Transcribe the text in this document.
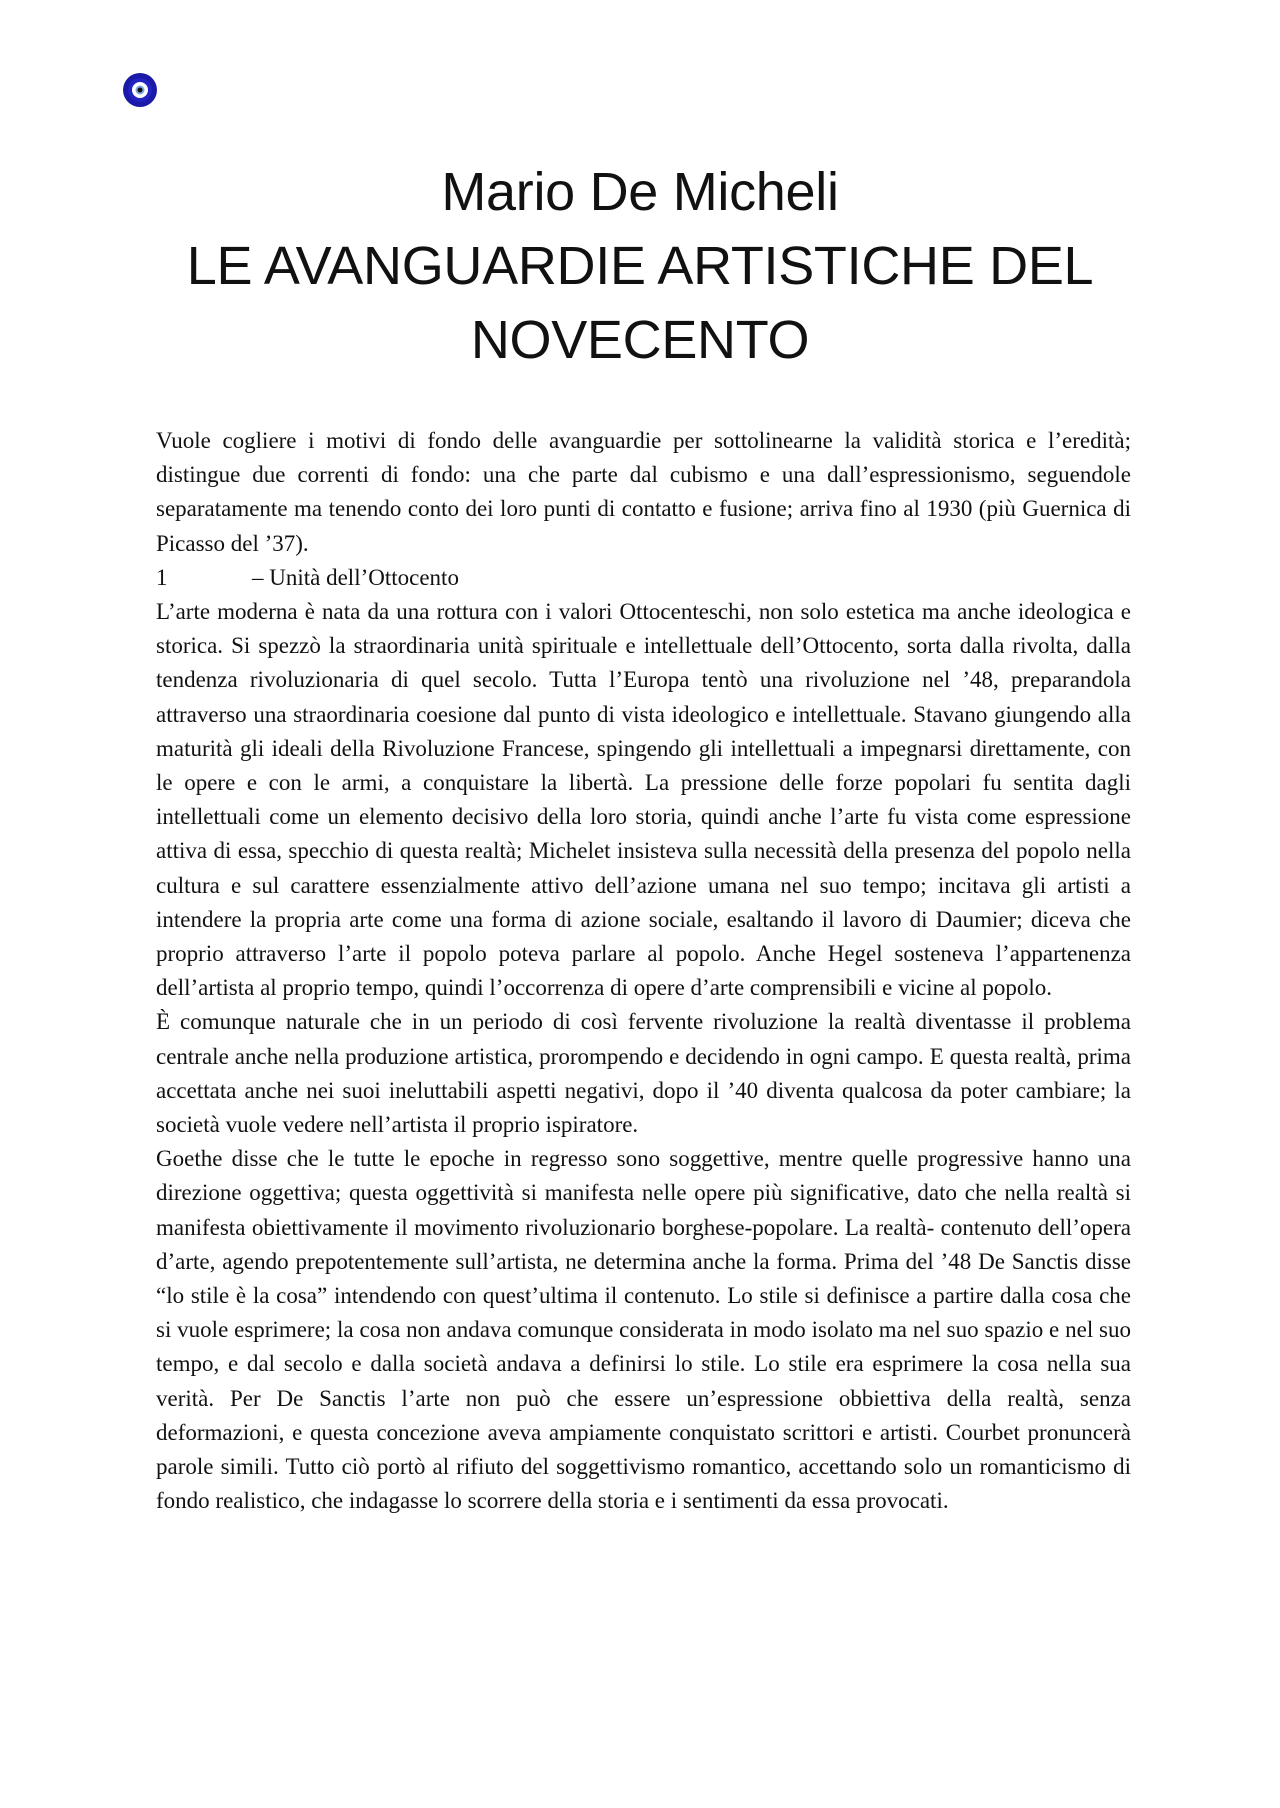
Mario De Micheli
LE AVANGUARDIE ARTISTICHE DEL
NOVECENTO

Vuole cogliere i motivi di fondo delle avanguardie per sottolinearne la validità storica e l’eredità; distingue due correnti di fondo: una che parte dal cubismo e una dall’espressionismo, seguendole separatamente ma tenendo conto dei loro punti di contatto e fusione; arriva fino al 1930 (più Guernica di Picasso del ’37).

1	– Unità dell’Ottocento

L’arte moderna è nata da una rottura con i valori Ottocenteschi, non solo estetica ma anche ideologica e storica. Si spezzò la straordinaria unità spirituale e intellettuale dell’Ottocento, sorta dalla rivolta, dalla tendenza rivoluzionaria di quel secolo. Tutta l’Europa tentò una rivoluzione nel ’48, preparandola attraverso una straordinaria coesione dal punto di vista ideologico e intellettuale. Stavano giungendo alla maturità gli ideali della Rivoluzione Francese, spingendo gli intellettuali a impegnarsi direttamente, con le opere e con le armi, a conquistare la libertà. La pressione delle forze popolari fu sentita dagli intellettuali come un elemento decisivo della loro storia, quindi anche l’arte fu vista come espressione attiva di essa, specchio di questa realtà; Michelet insisteva sulla necessità della presenza del popolo nella cultura e sul carattere essenzialmente attivo dell’azione umana nel suo tempo; incitava gli artisti a intendere la propria arte come una forma di azione sociale, esaltando il lavoro di Daumier; diceva che proprio attraverso l’arte il popolo poteva parlare al popolo. Anche Hegel sosteneva l’appartenenza dell’artista al proprio tempo, quindi l’occorrenza di opere d’arte comprensibili e vicine al popolo.

È comunque naturale che in un periodo di così fervente rivoluzione la realtà diventasse il problema centrale anche nella produzione artistica, prorompendo e decidendo in ogni campo. E questa realtà, prima accettata anche nei suoi ineluttabili aspetti negativi, dopo il ’40 diventa qualcosa da poter cambiare; la società vuole vedere nell’artista il proprio ispiratore.

Goethe disse che le tutte le epoche in regresso sono soggettive, mentre quelle progressive hanno una direzione oggettiva; questa oggettività si manifesta nelle opere più significative, dato che nella realtà si manifesta obiettivamente il movimento rivoluzionario borghese-popolare. La realtà- contenuto dell’opera d’arte, agendo prepotentemente sull’artista, ne determina anche la forma. Prima del ’48 De Sanctis disse “lo stile è la cosa” intendendo con quest’ultima il contenuto. Lo stile si definisce a partire dalla cosa che si vuole esprimere; la cosa non andava comunque considerata in modo isolato ma nel suo spazio e nel suo tempo, e dal secolo e dalla società andava a definirsi lo stile. Lo stile era esprimere la cosa nella sua verità. Per De Sanctis l’arte non può che essere un’espressione obbiettiva della realtà, senza deformazioni, e questa concezione aveva ampiamente conquistato scrittori e artisti. Courbet pronuncerà parole simili. Tutto ciò portò al rifiuto del soggettivismo romantico, accettando solo un romanticismo di fondo realistico, che indagasse lo scorrere della storia e i sentimenti da essa provocati.
